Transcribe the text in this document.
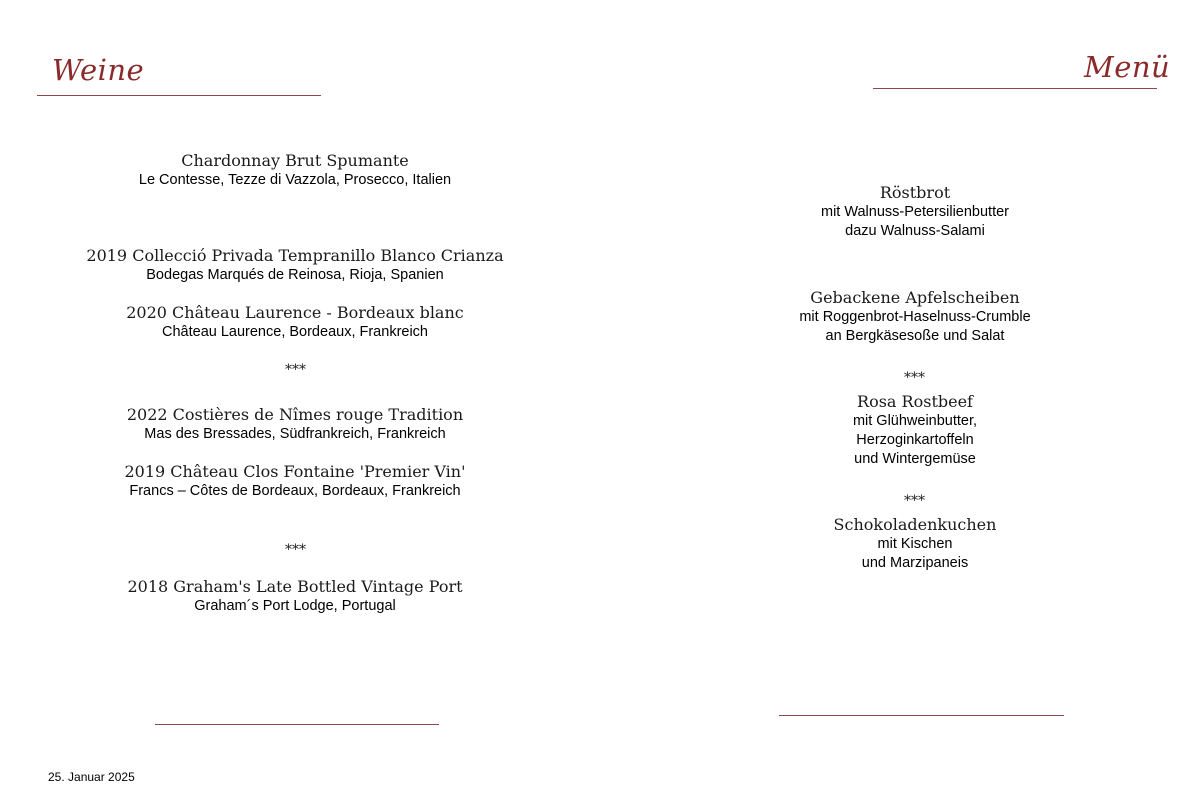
Weine
Chardonnay Brut Spumante
Le Contesse, Tezze di Vazzola, Prosecco, Italien
2019 Collecció Privada Tempranillo Blanco Crianza
Bodegas Marqués de Reinosa, Rioja, Spanien
2020 Château Laurence - Bordeaux blanc
Château Laurence, Bordeaux, Frankreich
***
2022 Costières de Nîmes rouge Tradition
Mas des Bressades, Südfrankreich, Frankreich
2019 Château Clos Fontaine 'Premier Vin'
Francs – Côtes de Bordeaux, Bordeaux, Frankreich
***
2018 Graham's Late Bottled Vintage Port
Graham´s Port Lodge, Portugal
25. Januar 2025
Menü
Röstbrot
mit Walnuss-Petersilienbutter
dazu Walnuss-Salami
Gebackene Apfelscheiben
mit Roggenbrot-Haselnuss-Crumble
an Bergkäsesoße und Salat
***
Rosa Rostbeef
mit Glühweinbutter,
Herzoginkartoffeln
und Wintergemüse
***
Schokoladenkuchen
mit Kischen
und Marzipaneis
